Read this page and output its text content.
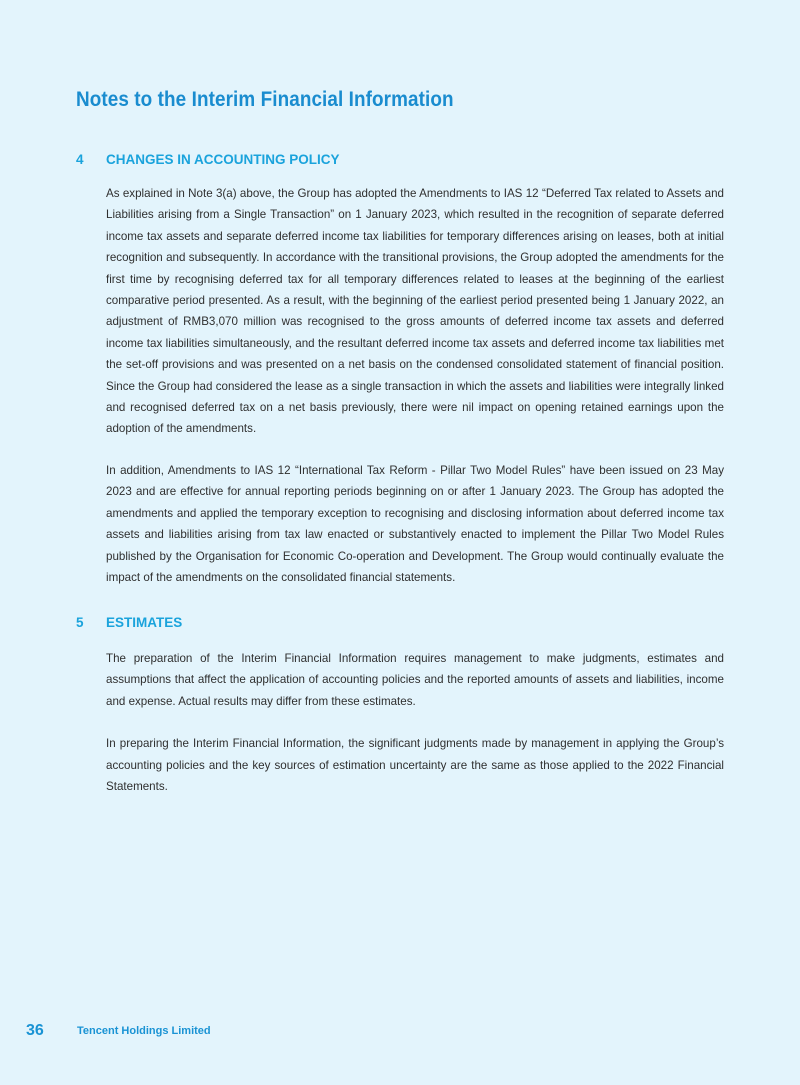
Notes to the Interim Financial Information
4 CHANGES IN ACCOUNTING POLICY

As explained in Note 3(a) above, the Group has adopted the Amendments to IAS 12 “Deferred Tax related to Assets and Liabilities arising from a Single Transaction” on 1 January 2023, which resulted in the recognition of separate deferred income tax assets and separate deferred income tax liabilities for temporary differences arising on leases, both at initial recognition and subsequently. In accordance with the transitional provisions, the Group adopted the amendments for the first time by recognising deferred tax for all temporary differences related to leases at the beginning of the earliest comparative period presented. As a result, with the beginning of the earliest period presented being 1 January 2022, an adjustment of RMB3,070 million was recognised to the gross amounts of deferred income tax assets and deferred income tax liabilities simultaneously, and the resultant deferred income tax assets and deferred income tax liabilities met the set-off provisions and was presented on a net basis on the condensed consolidated statement of financial position. Since the Group had considered the lease as a single transaction in which the assets and liabilities were integrally linked and recognised deferred tax on a net basis previously, there were nil impact on opening retained earnings upon the adoption of the amendments.

In addition, Amendments to IAS 12 “International Tax Reform - Pillar Two Model Rules” have been issued on 23 May 2023 and are effective for annual reporting periods beginning on or after 1 January 2023. The Group has adopted the amendments and applied the temporary exception to recognising and disclosing information about deferred income tax assets and liabilities arising from tax law enacted or substantively enacted to implement the Pillar Two Model Rules published by the Organisation for Economic Co-operation and Development. The Group would continually evaluate the impact of the amendments on the consolidated financial statements.

5 ESTIMATES

The preparation of the Interim Financial Information requires management to make judgments, estimates and assumptions that affect the application of accounting policies and the reported amounts of assets and liabilities, income and expense. Actual results may differ from these estimates.

In preparing the Interim Financial Information, the significant judgments made by management in applying the Group’s accounting policies and the key sources of estimation uncertainty are the same as those applied to the 2022 Financial Statements.

36	Tencent Holdings Limited
